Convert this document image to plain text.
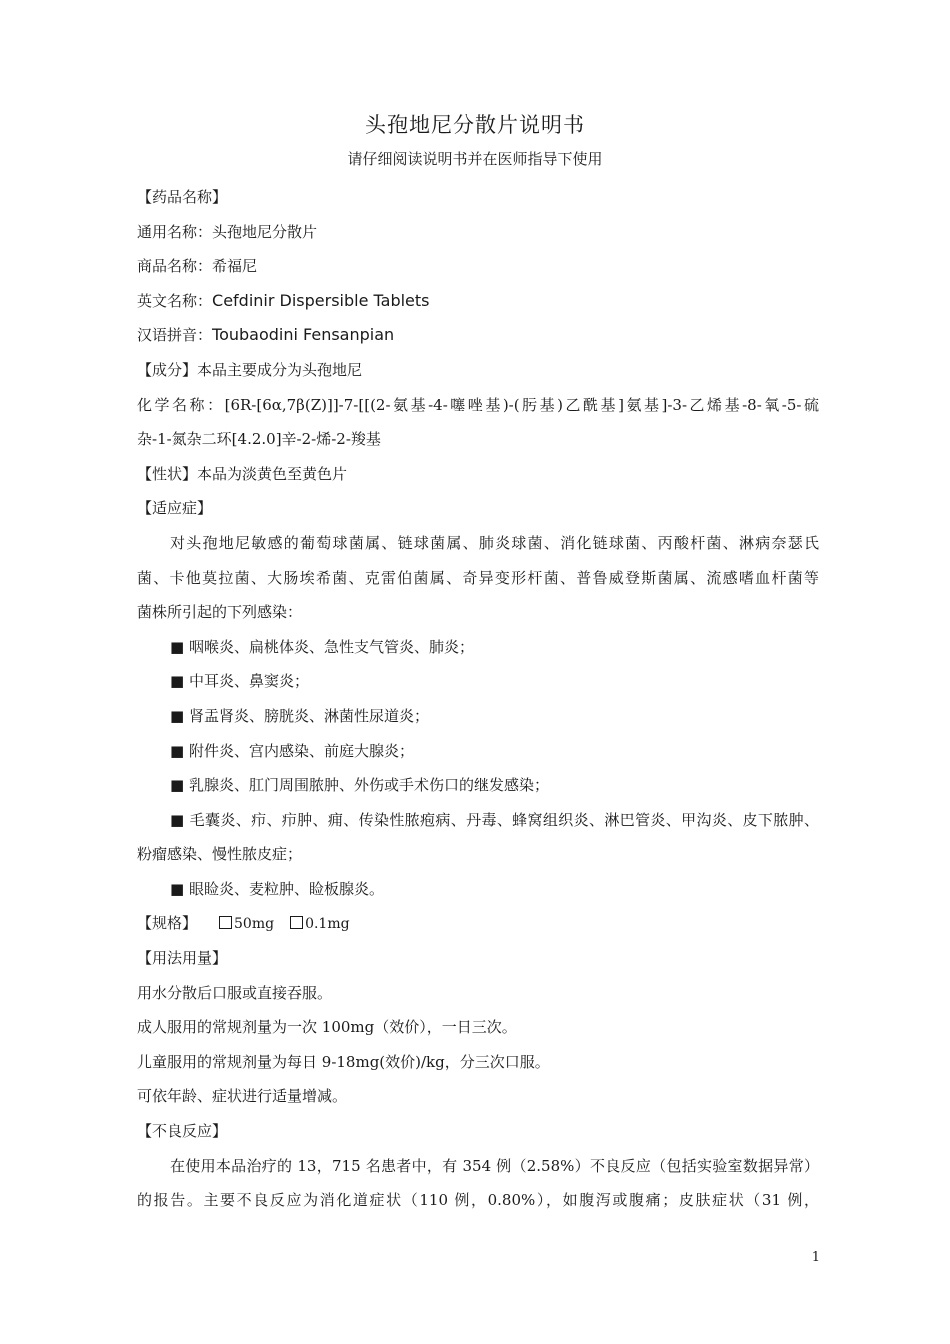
头孢地尼分散片说明书
请仔细阅读说明书并在医师指导下使用
【药品名称】
通用名称：头孢地尼分散片
商品名称：希福尼
英文名称：Cefdinir Dispersible Tablets
汉语拼音：Toubaodini Fensanpian
【成分】本品主要成分为头孢地尼
化学名称：[6R-[6α,7β(Z)]]-7-[[(2-氨基-4-噻唑基)-(肟基)乙酰基]氨基]-3-乙烯基-8-氧-5-硫
杂-1-氮杂二环[4.2.0]辛-2-烯-2-羧基
【性状】本品为淡黄色至黄色片
【适应症】
对头孢地尼敏感的葡萄球菌属、链球菌属、肺炎球菌、消化链球菌、丙酸杆菌、淋病奈瑟氏
菌、卡他莫拉菌、大肠埃希菌、克雷伯菌属、奇异变形杆菌、普鲁威登斯菌属、流感嗜血杆菌等
菌株所引起的下列感染：
■ 咽喉炎、扁桃体炎、急性支气管炎、肺炎；
■ 中耳炎、鼻窦炎；
■ 肾盂肾炎、膀胱炎、淋菌性尿道炎；
■ 附件炎、宫内感染、前庭大腺炎；
■ 乳腺炎、肛门周围脓肿、外伤或手术伤口的继发感染；
■ 毛囊炎、疖、疖肿、痈、传染性脓疱病、丹毒、蜂窝组织炎、淋巴管炎、甲沟炎、皮下脓肿、
粉瘤感染、慢性脓皮症；
■ 眼睑炎、麦粒肿、睑板腺炎。
【规格】	50mg 0.1mg
【用法用量】
用水分散后口服或直接吞服。
成人服用的常规剂量为一次 100mg（效价），一日三次。
儿童服用的常规剂量为每日 9-18mg(效价)/kg，分三次口服。
可依年龄、症状进行适量增减。
【不良反应】
在使用本品治疗的 13，715 名患者中，有 354 例（2.58%）不良反应（包括实验室数据异常）
的报告。主要不良反应为消化道症状（110 例，0.80%），如腹泻或腹痛；皮肤症状（31 例，
1
